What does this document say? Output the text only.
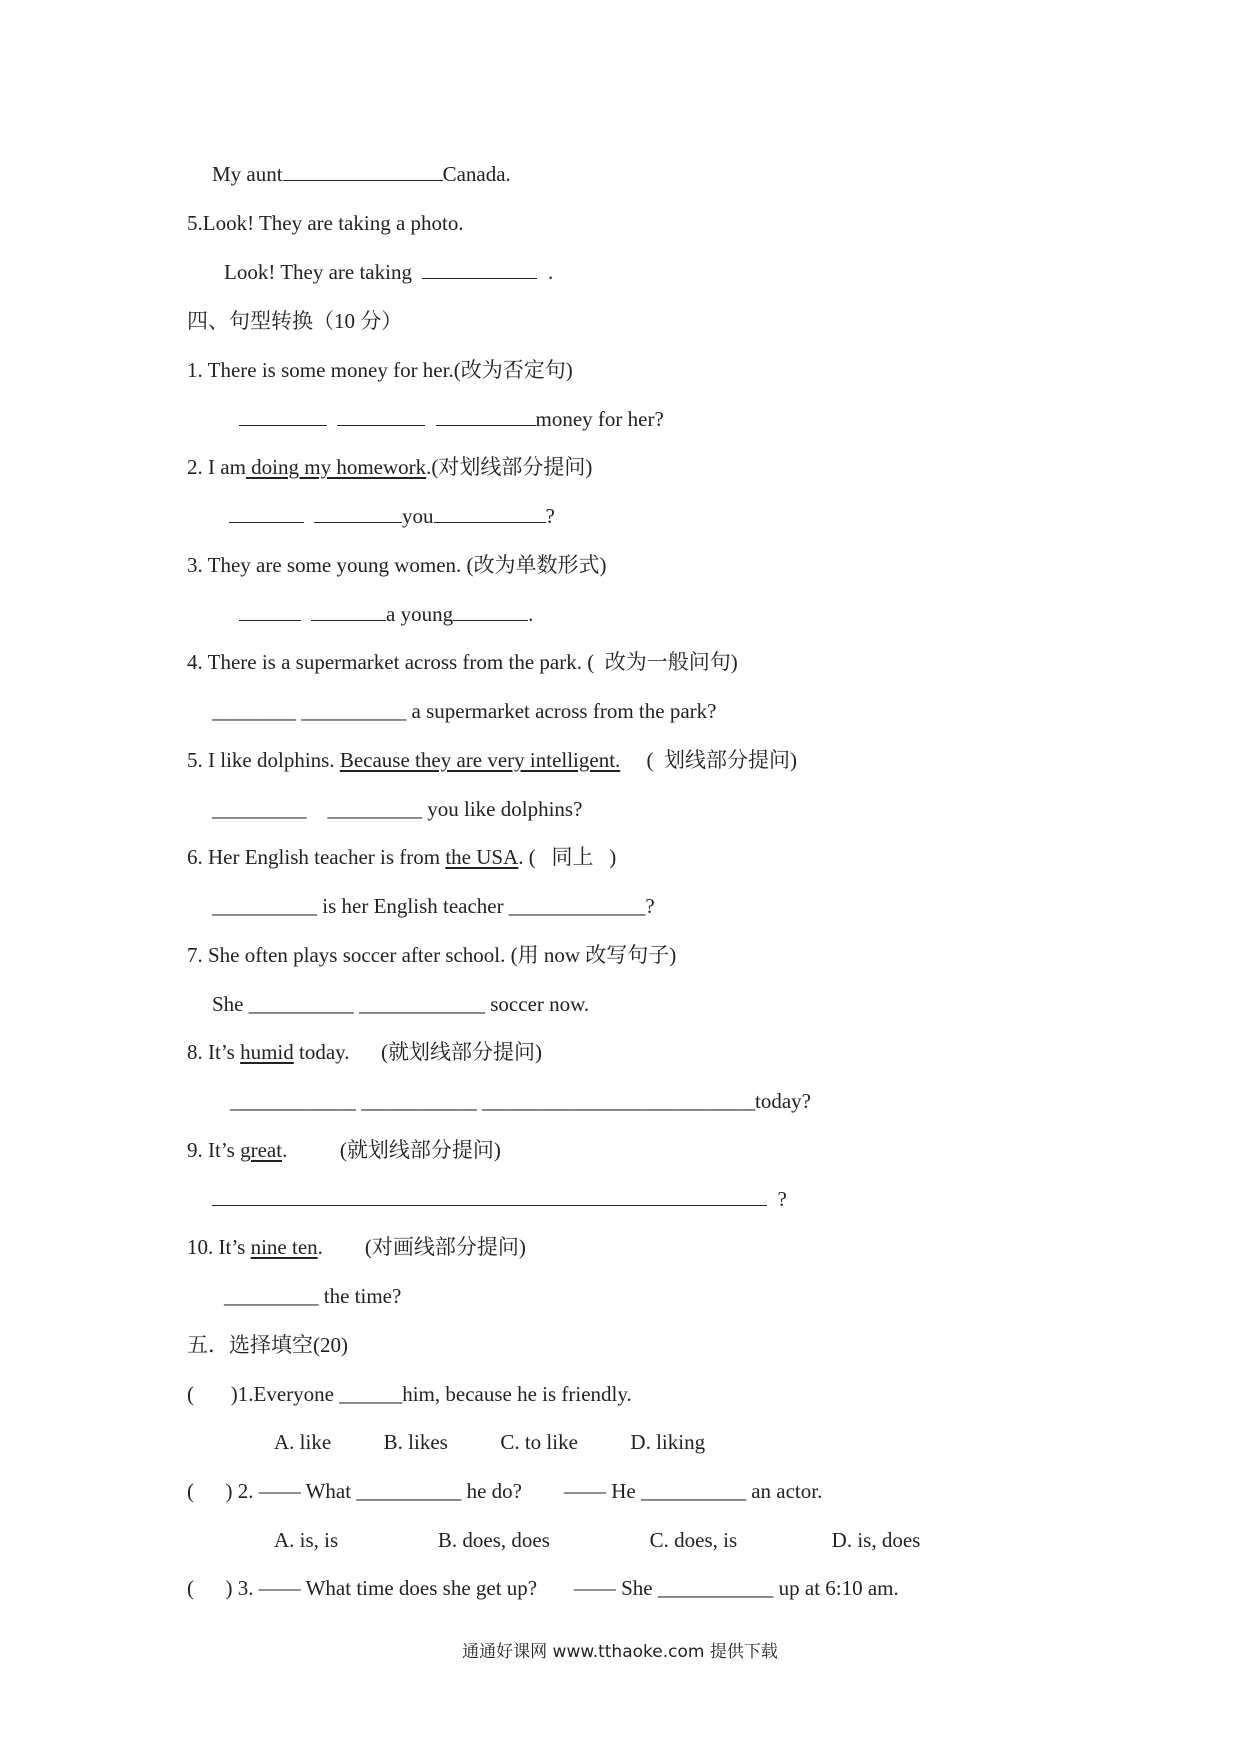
My aunt	Canada.
5.Look! They are taking a photo.
Look! They are taking	.
四、句型转换（10 分）
1. There is some money for her.(改为否定句)
money for her?
2. I am doing my homework.(对划线部分提问)
you	?
3. They are some young women. (改为单数形式)
a young	.
4. There is a supermarket across from the park. (  改为一般问句)
________ __________ a supermarket across from the park?
5. I like dolphins. Because they are very intelligent.     (  划线部分提问)
_________    _________ you like dolphins?
6. Her English teacher is from the USA. (   同上   )
__________ is her English teacher _____________?
7. She often plays soccer after school. (用 now 改写句子)
She __________ ____________ soccer now.
8. It’s humid today.      (就划线部分提问)
____________ ___________ __________________________today?
9. It’s great.          (就划线部分提问)
?
10. It’s nine ten.        (对画线部分提问)
_________ the time?
五．选择填空(20)
(       )1.Everyone ______him, because he is friendly.
A. like          B. likes          C. to like          D. liking
(      ) 2. —— What __________ he do?        —— He __________ an actor.
A. is, is                   B. does, does                   C. does, is                  D. is, does
(      ) 3. —— What time does she get up?       —— She ___________ up at 6:10 am.
通通好课网 www.tthaoke.com 提供下载
